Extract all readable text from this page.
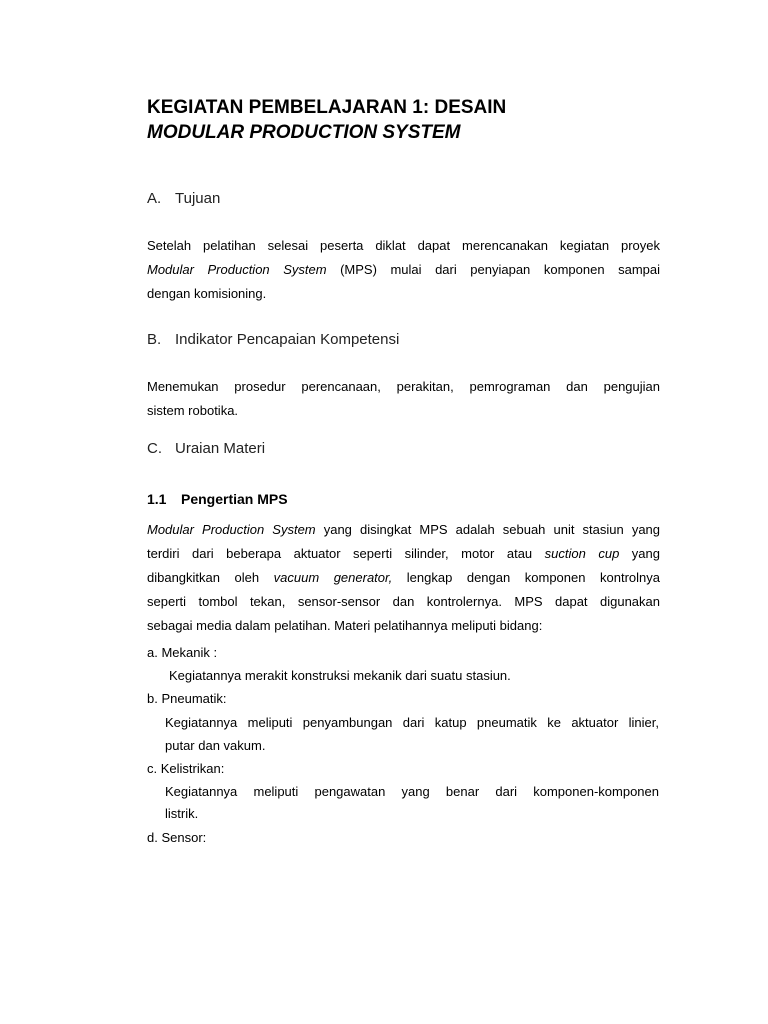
KEGIATAN PEMBELAJARAN 1: DESAIN
MODULAR PRODUCTION SYSTEM
A. Tujuan
Setelah pelatihan selesai peserta diklat dapat merencanakan kegiatan proyek
Modular Production System (MPS) mulai dari penyiapan komponen sampai
dengan komisioning.
B. Indikator Pencapaian Kompetensi
Menemukan prosedur perencanaan, perakitan, pemrograman dan pengujian
sistem robotika.
C. Uraian Materi
1.1 Pengertian MPS
Modular Production System yang disingkat MPS adalah sebuah unit stasiun yang
terdiri dari beberapa aktuator seperti silinder, motor atau suction cup yang
dibangkitkan oleh vacuum generator, lengkap dengan komponen kontrolnya
seperti tombol tekan, sensor-sensor dan kontrolernya. MPS dapat digunakan
sebagai media dalam pelatihan. Materi pelatihannya meliputi bidang:
a. Mekanik :
Kegiatannya merakit konstruksi mekanik dari suatu stasiun.
b. Pneumatik:
Kegiatannya meliputi penyambungan dari katup pneumatik ke aktuator linier,
putar dan vakum.
c. Kelistrikan:
Kegiatannya meliputi pengawatan yang benar dari komponen-komponen
listrik.
d. Sensor:
